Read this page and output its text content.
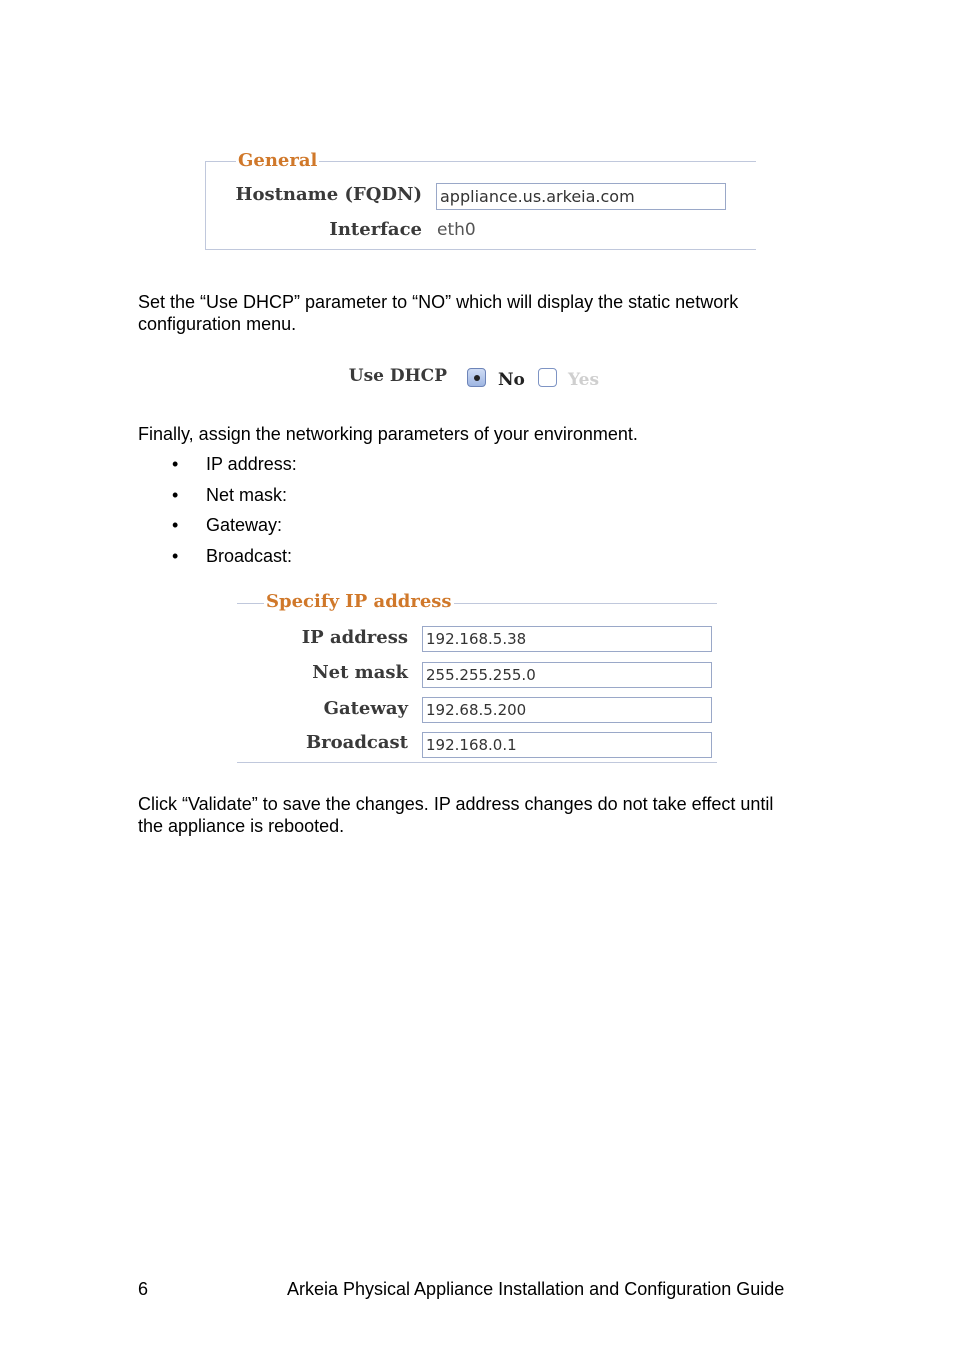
General
Hostname (FQDN) appliance.us.arkeia.com
Interface eth0
Set the “Use DHCP” parameter to “NO” which will display the static network configuration menu.
Use DHCP	No	Yes
Finally, assign the networking parameters of your environment.
• IP address:
• Net mask:
• Gateway:
• Broadcast:
Specify IP address
IP address 192.168.5.38
Net mask 255.255.255.0
Gateway 192.68.5.200
Broadcast 192.168.0.1
Click “Validate” to save the changes. IP address changes do not take effect until the appliance is rebooted.
6	Arkeia Physical Appliance Installation and Configuration Guide
